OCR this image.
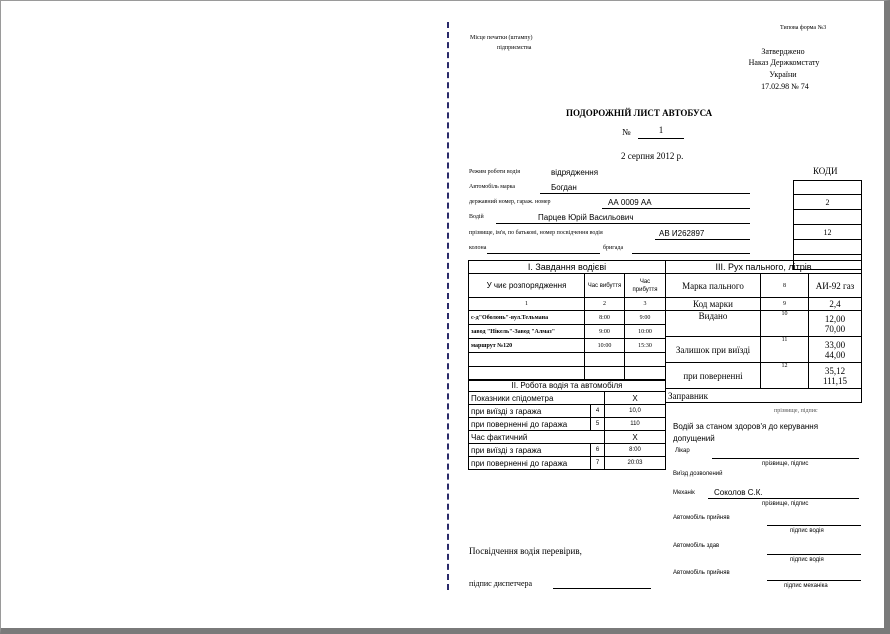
Типова форма №3
Місце печатки (штампу)
підприємства	Затверджено
Наказ Держкомстату
України
17.02.98 № 74
ПОДОРОЖНІЙ ЛИСТ АВТОБУСА
№	1
2 серпня 2012 р.
Режим роботи водія	відрядження
Автомобіль марка	Богдан
державний номер, гараж. номер	АА 0009 АА
Водій	Парцев Юрій Васильович
прізвище, ім'я, по батькові, номер посвідчення водія	АВ И262897
колона	бригада
КОДИ

2

12

I. Завдання водієві		
У чиє розпорядження	Час вибуття	Час прибуття
1	2	3
с-д"Оболонь"-вул.Тельмана	8:00	9:00
завод "Нікель"-Завод "Алмаз"	9:00	10:00
маршрут №120	10:00	15:30

II. Робота водія та автомобіля		
Показники спідометра		Х
при виїзді з гаража	4	10,0
при поверненні до гаража	5	110
Час фактичний		Х
при виїзді з гаража	6	8:00
при поверненні до гаража	7	20:03
III. Рух пального, літрів		
Марка пального	8	АИ-92 газ
Код марки	9	2,4
Видано	10	12,00
70,00

Залишок при виїзді	11	33,00
44,00

при поверненні	12	35,12
111,15

Заправник		
прізвище, підпис
Водій за станом здоров'я до керування допущений
Лікар
прізвище, підпис
Виїзд дозволений
Механік Соколов С.К.
прізвище, підпис
Автомобіль прийняв
підпис водія
Автомобіль здав
підпис водія
Автомобіль прийняв
підпис механіка
Посвідчення водія перевірив,
підпис диспетчера
